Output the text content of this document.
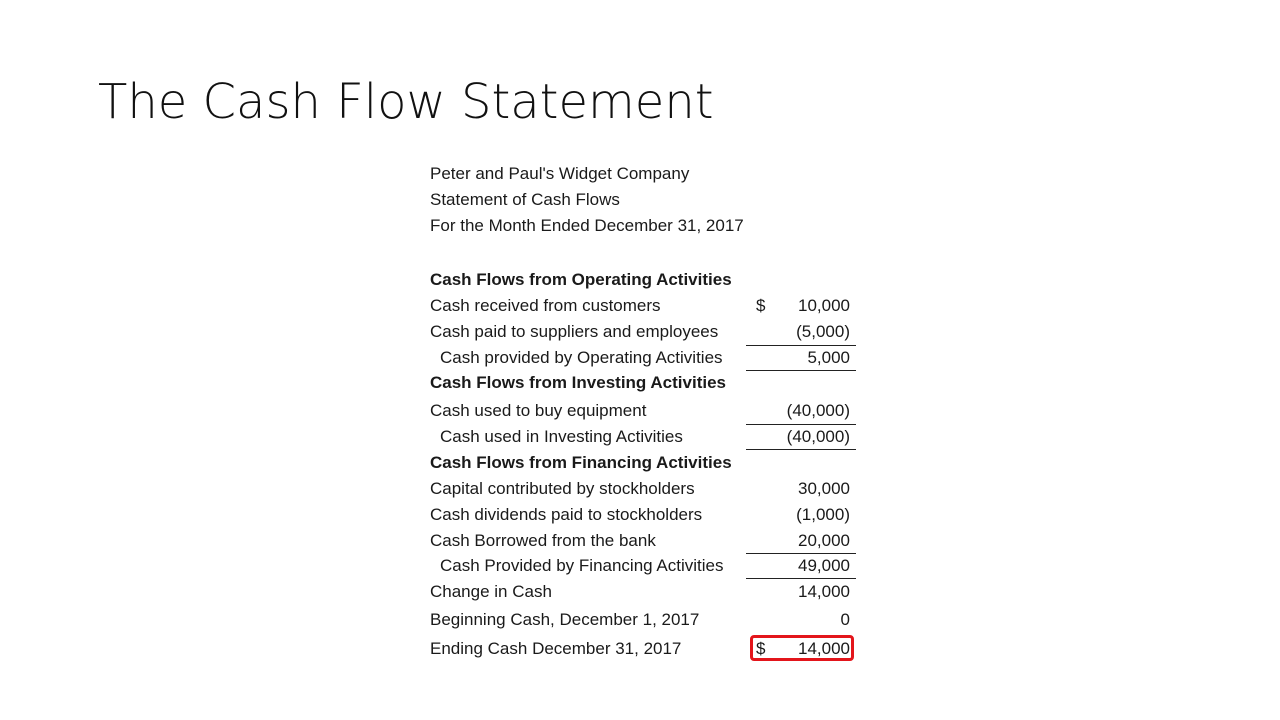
The Cash Flow Statement
Peter and Paul's Widget Company
Statement of Cash Flows
For the Month Ended December 31, 2017
Cash Flows from Operating Activities
Cash received from customers	$ 10,000
Cash paid to suppliers and employees	(5,000)
Cash provided by Operating Activities	5,000
Cash Flows from Investing Activities
Cash used to buy equipment	(40,000)
Cash used in Investing Activities	(40,000)
Cash Flows from Financing Activities
Capital contributed by stockholders	30,000
Cash dividends paid to stockholders	(1,000)
Cash Borrowed from the bank	20,000
Cash Provided by Financing Activities	49,000
Change in Cash	14,000
Beginning Cash, December 1, 2017	0
Ending Cash December 31, 2017	$ 14,000
